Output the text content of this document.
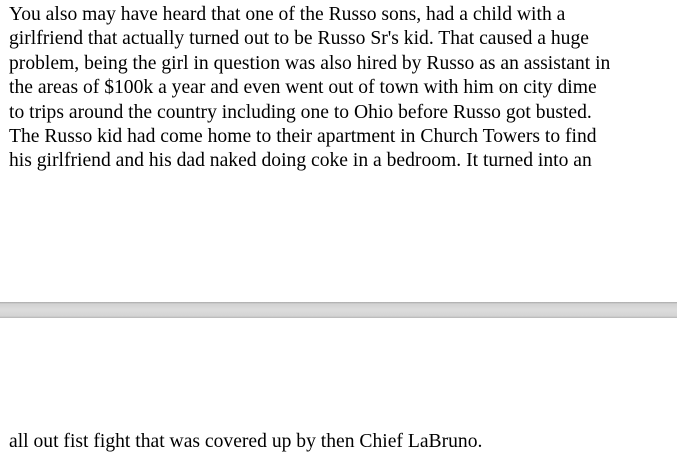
You also may have heard that one of the Russo sons, had a child with a
girlfriend that actually turned out to be Russo Sr's kid. That caused a huge
problem, being the girl in question was also hired by Russo as an assistant in
the areas of $100k a year and even went out of town with him on city dime
to trips around the country including one to Ohio before Russo got busted.
The Russo kid had come home to their apartment in Church Towers to find
his girlfriend and his dad naked doing coke in a bedroom. It turned into an

all out fist fight that was covered up by then Chief LaBruno.
